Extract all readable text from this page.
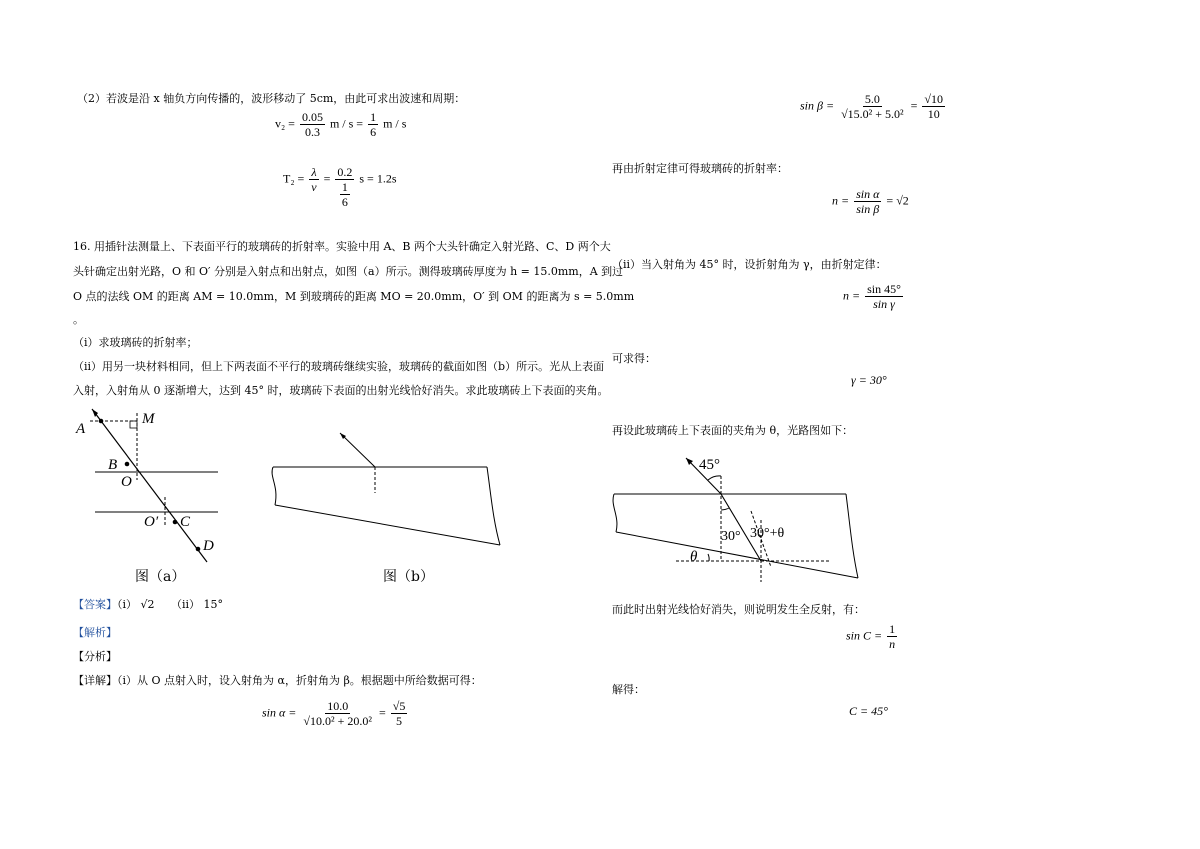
（2）若波是沿 x 轴负方向传播的，波形移动了 5cm，由此可求出波速和周期：
$v_2 = \frac{0.05}{0.3}$ $m / s = \frac{1}{6}$ m / s
$T_2 = \frac{\lambda}{v} = \frac{0.2}{\frac{1}{6}}$ s = 1.2s
16. 用插针法测量上、下表面平行的玻璃砖的折射率。实验中用 A、B 两个大头针确定入射光路、C、D 两个大
头针确定出射光路，O 和 O′ 分别是入射点和出射点，如图（a）所示。测得玻璃砖厚度为 h = 15.0mm，A 到过
O 点的法线 OM 的距离 AM = 10.0mm，M 到玻璃砖的距离 MO = 20.0mm，O′ 到 OM 的距离为 s = 5.0mm
。
（i）求玻璃砖的折射率；
（ii）用另一块材料相同，但上下两表面不平行的玻璃砖继续实验，玻璃砖的截面如图（b）所示。光从上表面
入射，入射角从 0 逐渐增大，达到 45° 时，玻璃砖下表面的出射光线恰好消失。求此玻璃砖上下表面的夹角。
A
M
B
O
O′ C
D
图（a）	图（b）
【答案】（i） √2　　（ii） 15°
【解析】
【分析】
【详解】（i）从 O 点射入时，设入射角为 α，折射角为 β。根据题中所给数据可得：
$\sin \alpha = \frac{10.0}{\text{√10.0² + 20.0²}} = \frac{√5}{5}$
$\sin \beta = \frac{5.0}{\text{√15.0² + 5.0²}} = \frac{√10}{10}$
再由折射定律可得玻璃砖的折射率：
$n = \frac{\text{sin α}}{\text{sin β}} = √2$
（ii）当入射角为 45° 时，设折射角为 γ，由折射定律：
$n = \frac{\sin 45^\circ}{\text{sin γ}}$
可求得：
γ = 30°
再设此玻璃砖上下表面的夹角为 θ，光路图如下：
45°
30° 30°+θ
θ
而此时出射光线恰好消失，则说明发生全反射，有：
$\sin C = \frac{1}{n}$
解得：
C = 45°
